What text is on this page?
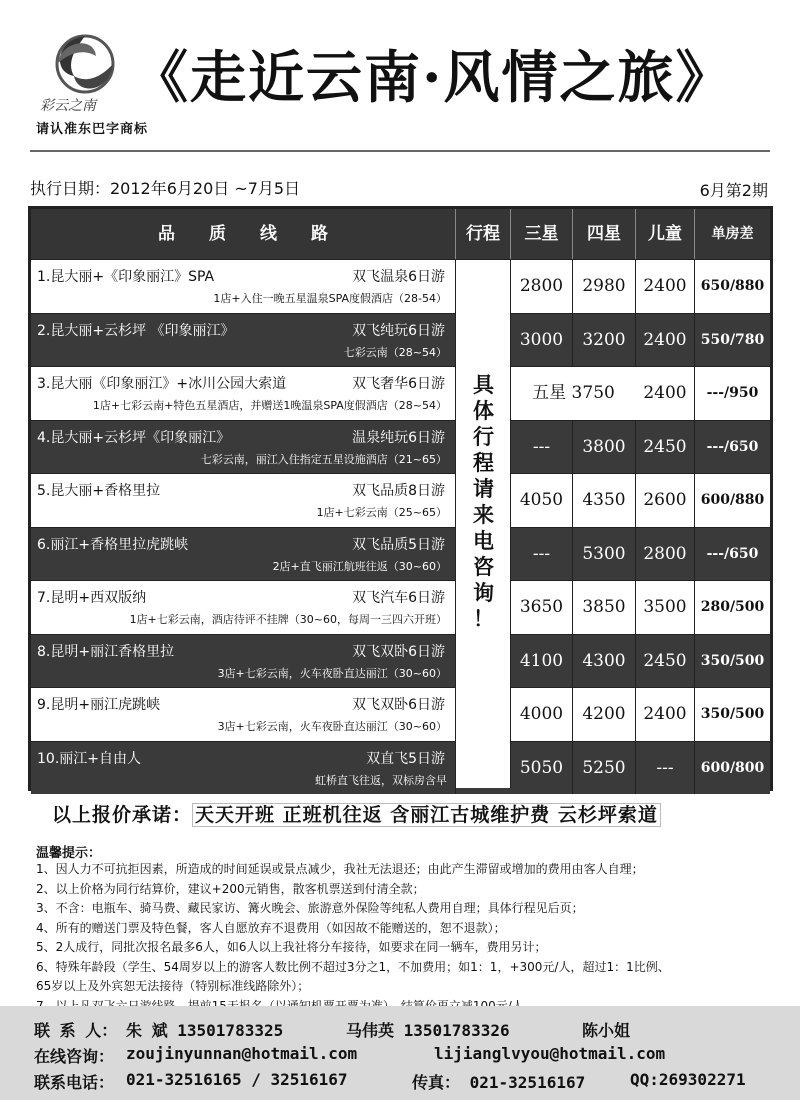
彩云之南
请认准东巴字商标
《走近云南·风情之旅》
执行日期：2012年6月20日 ~7月5日	6月第2期
品质线路	行程	三星	四星	儿童	单房差
1.昆大丽+《印象丽江》SPA	双飞温泉6日游
1店+入住一晚五星温泉SPA度假酒店（28-54）
2800	2980	2400	650/880
2.昆大丽+云杉坪 《印象丽江》	双飞纯玩6日游
七彩云南（28~54）
3000	3200	2400	550/780
3.昆大丽《印象丽江》+冰川公园大索道	双飞奢华6日游
1店+七彩云南+特色五星酒店，并赠送1晚温泉SPA度假酒店（28~54）
五星 3750	2400	---/950
4.昆大丽+云杉坪《印象丽江》	温泉纯玩6日游
七彩云南，丽江入住指定五星设施酒店（21~65）
---	3800	2450	---/650
5.昆大丽+香格里拉	双飞品质8日游
1店+七彩云南（25~65）
4050	4350	2600	600/880
6.丽江+香格里拉虎跳峡	双飞品质5日游
2店+直飞丽江航班往返（30~60）
---	5300	2800	---/650
7.昆明+西双版纳	双飞汽车6日游
1店+七彩云南，酒店待评不挂牌（30~60，每周一三四六开班）
3650	3850	3500	280/500
8.昆明+丽江香格里拉	双飞双卧6日游
3店+七彩云南，火车夜卧直达丽江（30~60）
4100	4300	2450	350/500
9.昆明+丽江虎跳峡	双飞双卧6日游
3店+七彩云南，火车夜卧直达丽江（30~60）
4000	4200	2400	350/500
10.丽江+自由人	双直飞5日游
虹桥直飞往返，双标房含早
5050	5250	---	600/800
具
体
行
程
请
来
电
咨
询
！
以上报价承诺： 天天开班 正班机往返 含丽江古城维护费 云杉坪索道
温馨提示：
1、因人力不可抗拒因素，所造成的时间延误或景点减少，我社无法退还；由此产生滞留或增加的费用由客人自理；
2、以上价格为同行结算价，建议+200元销售，散客机票送到付清全款；
3、不含：电瓶车、骑马费、藏民家访、篝火晚会、旅游意外保险等纯私人费用自理；具体行程见后页；
4、所有的赠送门票及特色餐，客人自愿放弃不退费用（如因故不能赠送的，恕不退款）；
5、2人成行，同批次报名最多6人，如6人以上我社将分车接待，如要求在同一辆车，费用另计；
6、特殊年龄段（学生、54周岁以上的游客人数比例不超过3分之1，不加费用；如1：1，+300元/人，超过1：1比例、
65岁以上及外宾恕无法接待（特别标准线路除外）；
联 系 人： 朱 斌 13501783325	马伟英 13501783326	陈小姐
在线咨询： zoujinyunnan@hotmail.com	lijianglvyou@hotmail.com
联系电话： 021-32516165 / 32516167	传真： 021-32516167	QQ:269302271
